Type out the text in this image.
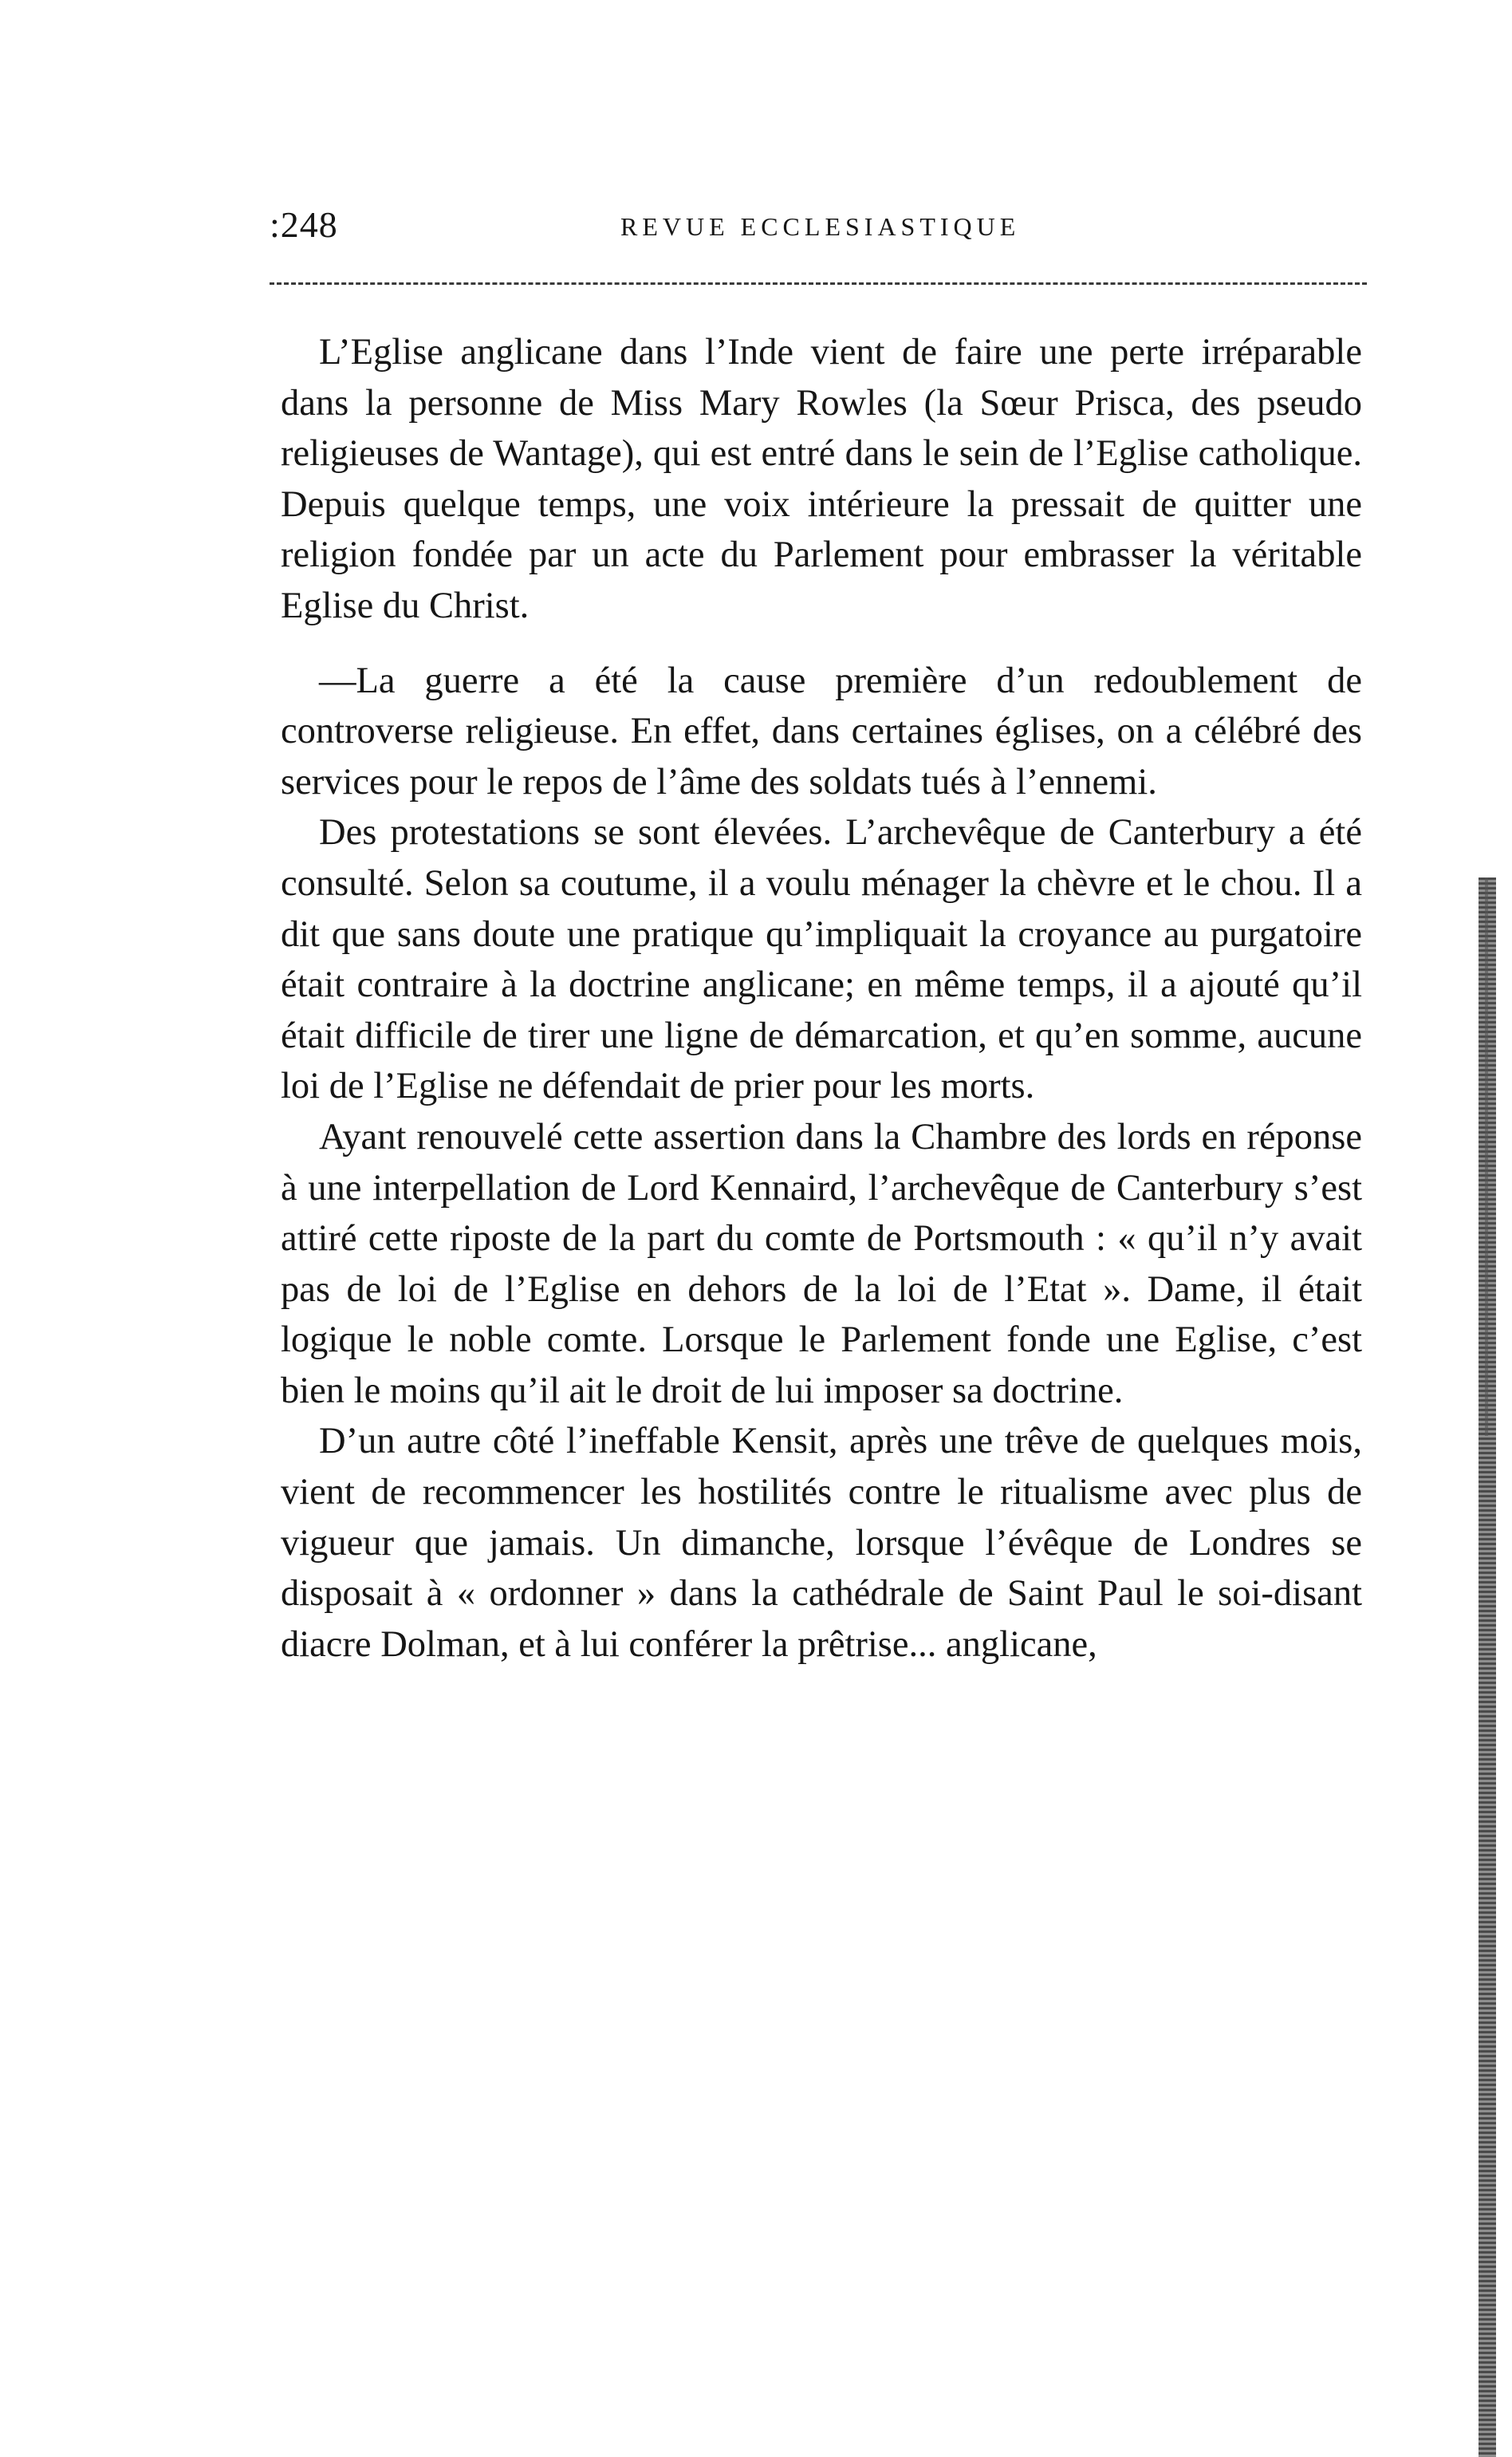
:248	REVUE ECCLESIASTIQUE

L’Eglise anglicane dans l’Inde vient de faire une perte irréparable dans la personne de Miss Mary Rowles (la Sœur Prisca, des pseudo religieuses de Wantage), qui est entré dans le sein de l’Eglise catholique. Depuis quelque temps, une voix intérieure la pressait de quitter une religion fondée par un acte du Parlement pour embrasser la véritable Eglise du Christ.

—La guerre a été la cause première d’un redoublement de controverse religieuse. En effet, dans certaines églises, on a célébré des services pour le repos de l’âme des soldats tués à l’ennemi.

Des protestations se sont élevées. L’archevêque de Canterbury a été consulté. Selon sa coutume, il a voulu ménager la chèvre et le chou. Il a dit que sans doute une pratique qu’impliquait la croyance au purgatoire était contraire à la doctrine anglicane; en même temps, il a ajouté qu’il était difficile de tirer une ligne de démarcation, et qu’en somme, aucune loi de l’Eglise ne défendait de prier pour les morts.

Ayant renouvelé cette assertion dans la Chambre des lords en réponse à une interpellation de Lord Kennaird, l’archevêque de Canterbury s’est attiré cette riposte de la part du comte de Portsmouth : « qu’il n’y avait pas de loi de l’Eglise en dehors de la loi de l’Etat ». Dame, il était logique le noble comte. Lorsque le Parlement fonde une Eglise, c’est bien le moins qu’il ait le droit de lui imposer sa doctrine.

D’un autre côté l’ineffable Kensit, après une trêve de quelques mois, vient de recommencer les hostilités contre le ritualisme avec plus de vigueur que jamais. Un dimanche, lorsque l’évêque de Londres se disposait à « ordonner » dans la cathédrale de Saint Paul le soi-disant diacre Dolman, et à lui conférer la prêtrise... anglicane,
